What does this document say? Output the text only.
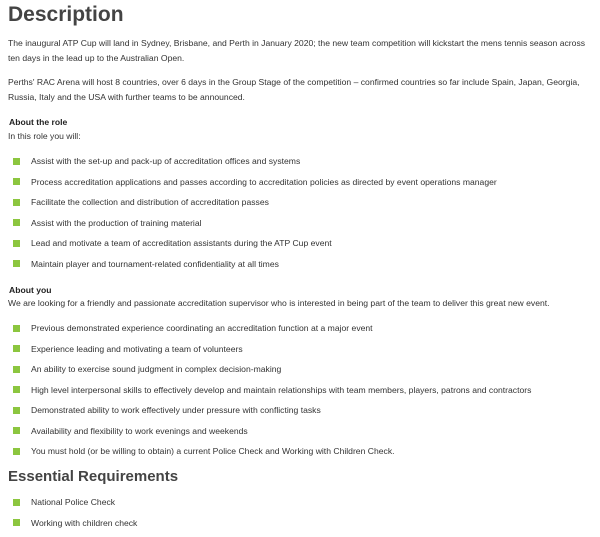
Description

The inaugural ATP Cup will land in Sydney, Brisbane, and Perth in January 2020; the new team competition will kickstart the mens tennis season across ten days in the lead up to the Australian Open.

Perths' RAC Arena will host 8 countries, over 6 days in the Group Stage of the competition – confirmed countries so far include Spain, Japan, Georgia, Russia, Italy and the USA with further teams to be announced.

About the role

In this role you will:

Assist with the set-up and pack-up of accreditation offices and systems
Process accreditation applications and passes according to accreditation policies as directed by event operations manager
Facilitate the collection and distribution of accreditation passes
Assist with the production of training material
Lead and motivate a team of accreditation assistants during the ATP Cup event
Maintain player and tournament-related confidentiality at all times

About you

We are looking for a friendly and passionate accreditation supervisor who is interested in being part of the team to deliver this great new event.

Previous demonstrated experience coordinating an accreditation function at a major event
Experience leading and motivating a team of volunteers
An ability to exercise sound judgment in complex decision-making
High level interpersonal skills to effectively develop and maintain relationships with team members, players, patrons and contractors
Demonstrated ability to work effectively under pressure with conflicting tasks
Availability and flexibility to work evenings and weekends
You must hold (or be willing to obtain) a current Police Check and Working with Children Check.
Essential Requirements
National Police Check
Working with children check
